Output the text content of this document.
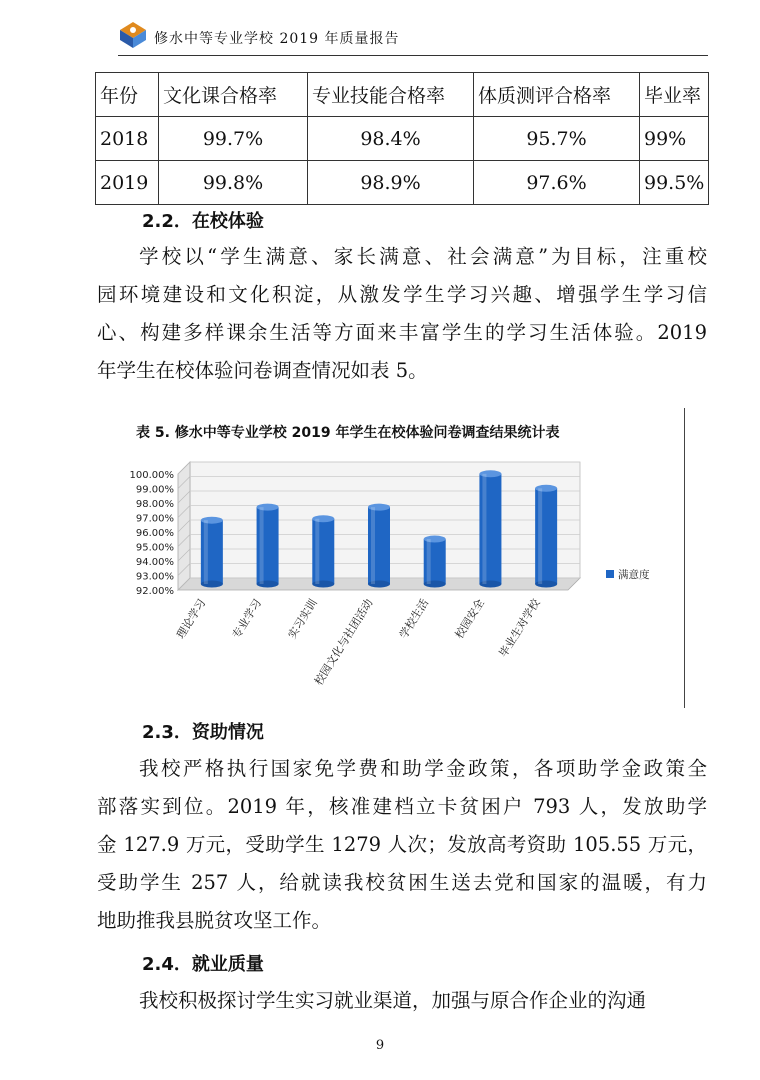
修水中等专业学校 2019 年质量报告
年份	文化课合格率	专业技能合格率	体质测评合格率	毕业率
2018	99.7%	98.4%	95.7%	99%
2019	99.8%	98.9%	97.6%	99.5%
2.2．在校体验

学校以“学生满意、家长满意、社会满意”为目标，注重校

园环境建设和文化积淀，从激发学生学习兴趣、增强学生学习信

心、构建多样课余生活等方面来丰富学生的学习生活体验。2019

年学生在校体验问卷调查情况如表 5。

表 5. 修水中等专业学校 2019 年学生在校体验问卷调查结果统计表
92.00%
93.00%
94.00%
95.00%
96.00%
97.00%
98.00%
99.00%
100.00%
理论学习 专业学习 实习实训
校园文化与社团活动 学校生活 校园安全 毕业生对学校
满意度
2.3．资助情况

我校严格执行国家免学费和助学金政策，各项助学金政策全

部落实到位。2019 年，核准建档立卡贫困户 793 人，发放助学

金 127.9 万元，受助学生 1279 人次；发放高考资助 105.55 万元，

受助学生 257 人，给就读我校贫困生送去党和国家的温暖，有力

地助推我县脱贫攻坚工作。

2.4．就业质量

我校积极探讨学生实习就业渠道，加强与原合作企业的沟通

9
